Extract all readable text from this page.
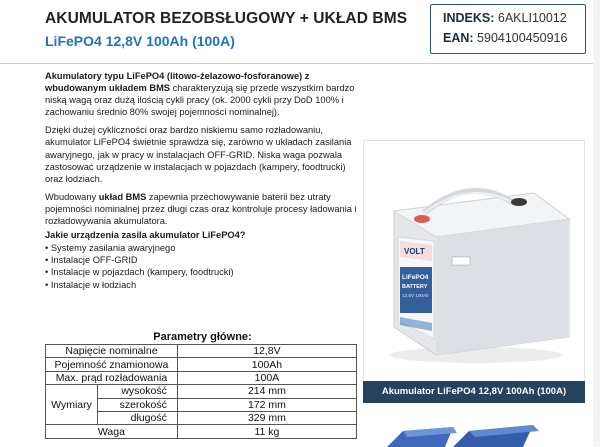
AKUMULATOR BEZOBSŁUGOWY + UKŁAD BMS
LiFePO4 12,8V 100Ah (100A)
INDEKS: 6AKLI10012
EAN: 5904100450916

Akumulatory typu LiFePO4 (litowo-żelazowo-fosforanowe) z wbudowanym układem BMS charakteryzują się przede wszystkim bardzo niską wagą oraz dużą ilością cykli pracy (ok. 2000 cykli przy DoD 100% i zachowaniu średnio 80% swojej pojemności nominalnej).

Dzięki dużej cykliczności oraz bardzo niskiemu samo rozładowaniu, akumulator LiFePO4 świetnie sprawdza się, zarówno w układach zasilania awaryjnego, jak w pracy w instalacjach OFF-GRID. Niska waga pozwala zastosować urządzenie w instalacjach w pojazdach (kampery, foodtrucki) oraz łodziach.

Wbudowany układ BMS zapewnia przechowywanie baterii bez utraty pojemności nominalnej przez długi czas oraz kontroluje procesy ładowania i rozładowywania akumulatora.

Jakie urządzenia zasila akumulator LiFePO4?
• Systemy zasilania awaryjnego
• Instalacje OFF-GRID
• Instalacje w pojazdach (kampery, foodtrucki)
• Instalacje w łodziach
VOLT
LiFePO4
BATTERY
12,8V 100Ah
Akumulator LiFePO4 12,8V 100Ah (100A)
Parametry główne:
Napięcie nominalne		12,8V
Pojemność znamionowa		100Ah
Max. prąd rozładowania		100A
Wymiary	wysokość	214 mm
	szerokość	172 mm
	długość	329 mm
Waga		11 kg
